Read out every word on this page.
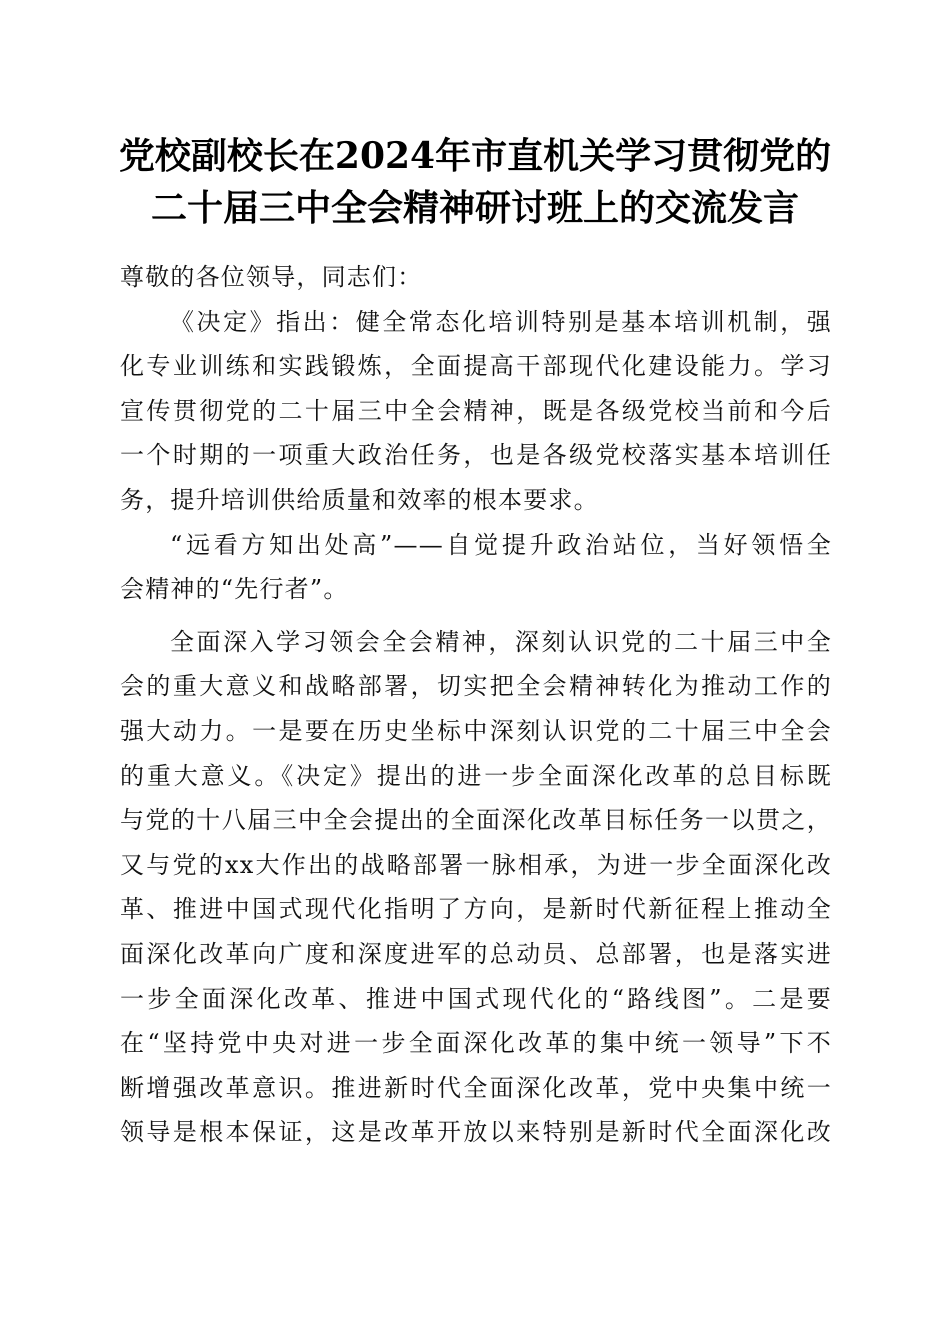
党校副校长在2024年市直机关学习贯彻党的
二十届三中全会精神研讨班上的交流发言
尊敬的各位领导，同志们：
《决定》指出：健全常态化培训特别是基本培训机制，强
化专业训练和实践锻炼，全面提高干部现代化建设能力。学习
宣传贯彻党的二十届三中全会精神，既是各级党校当前和今后
一个时期的一项重大政治任务，也是各级党校落实基本培训任
务，提升培训供给质量和效率的根本要求。
“远看方知出处高”——自觉提升政治站位，当好领悟全
会精神的“先行者”。
全面深入学习领会全会精神，深刻认识党的二十届三中全
会的重大意义和战略部署，切实把全会精神转化为推动工作的
强大动力。一是要在历史坐标中深刻认识党的二十届三中全会
的重大意义。《决定》提出的进一步全面深化改革的总目标既
与党的十八届三中全会提出的全面深化改革目标任务一以贯之，
又与党的xx大作出的战略部署一脉相承，为进一步全面深化改
革、推进中国式现代化指明了方向，是新时代新征程上推动全
面深化改革向广度和深度进军的总动员、总部署，也是落实进
一步全面深化改革、推进中国式现代化的“路线图”。二是要
在“坚持党中央对进一步全面深化改革的集中统一领导”下不
断增强改革意识。推进新时代全面深化改革，党中央集中统一
领导是根本保证，这是改革开放以来特别是新时代全面深化改
